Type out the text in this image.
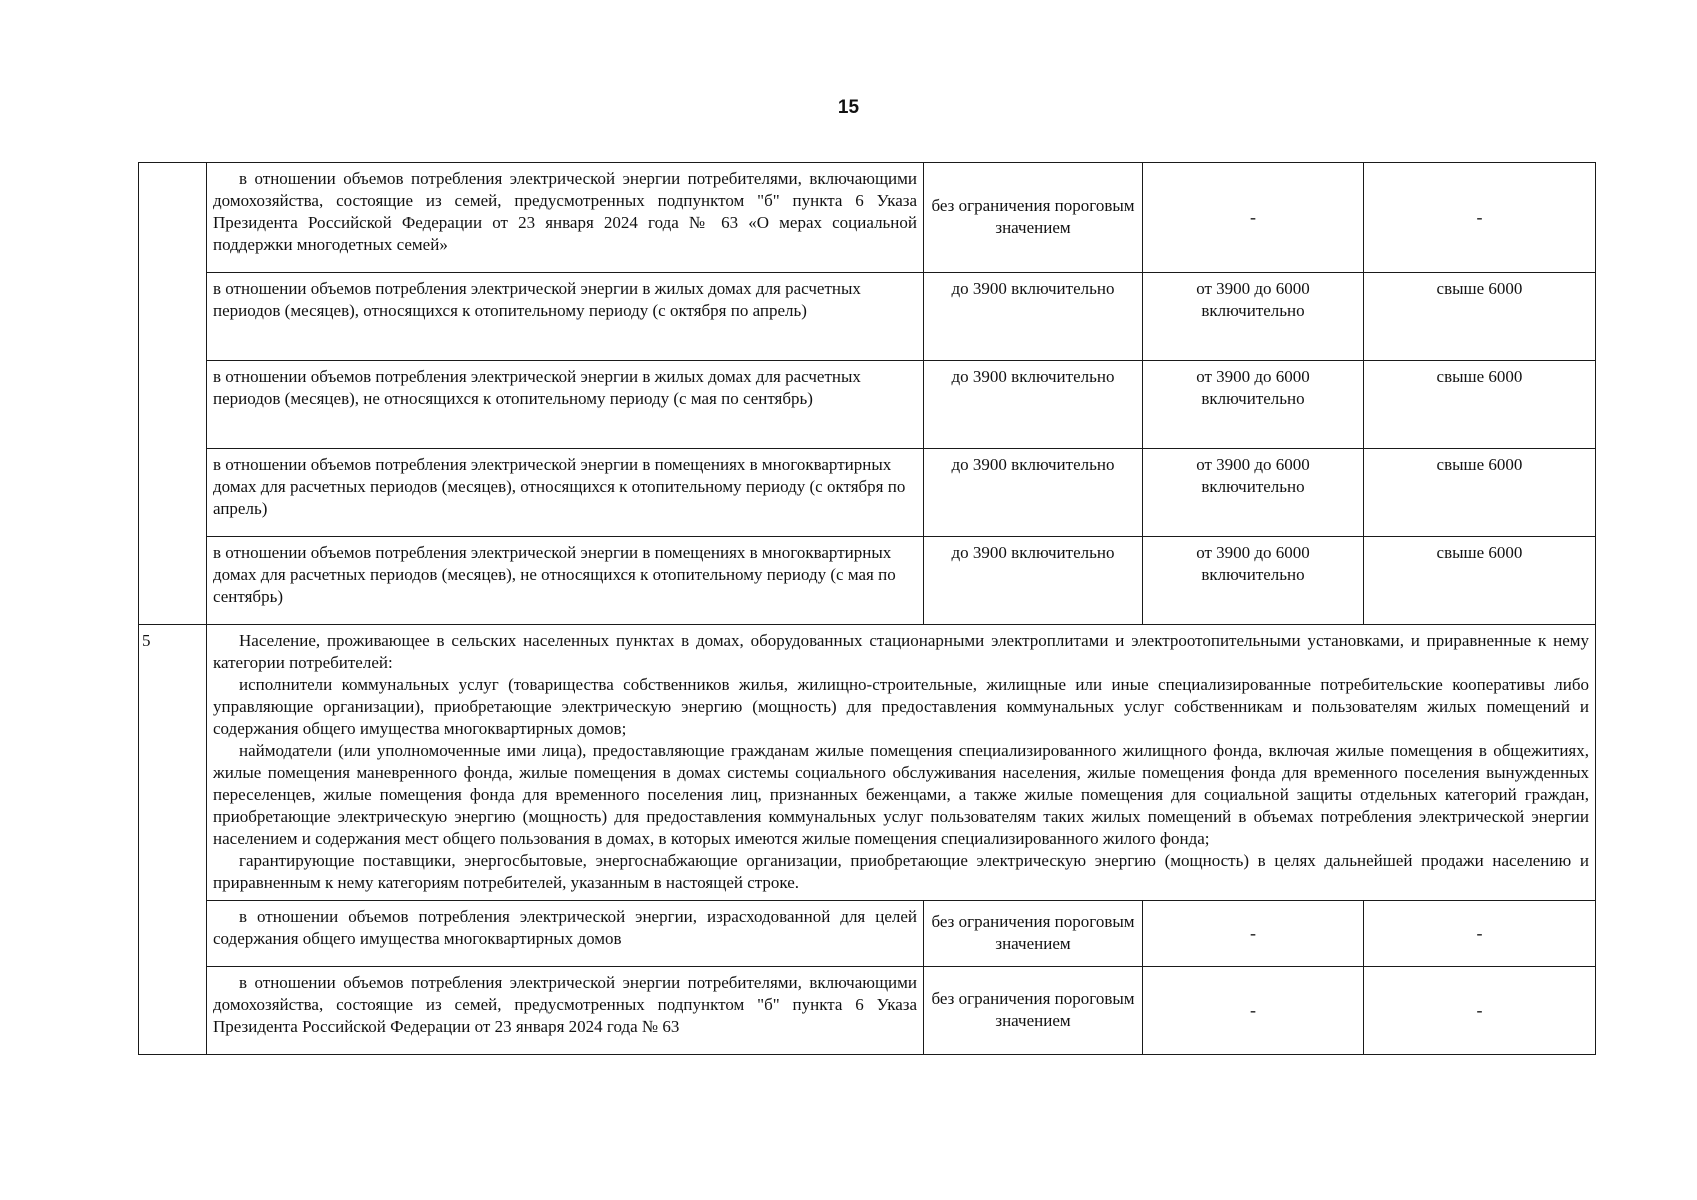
15
	в отношении объемов потребления электрической энергии потребителями, включающими домохозяйства, состоящие из семей, предусмотренных подпунктом "б" пункта 6 Указа Президента Российской Федерации от 23 января 2024 года № 63 «О мерах социальной поддержки многодетных семей»	без ограничения пороговым значением	-	-
	в отношении объемов потребления электрической энергии в жилых домах для расчетных периодов (месяцев), относящихся к отопительному периоду (с октября по апрель)	до 3900 включительно	от 3900 до 6000 включительно	свыше 6000
	в отношении объемов потребления электрической энергии в жилых домах для расчетных периодов (месяцев), не относящихся к отопительному периоду (с мая по сентябрь)	до 3900 включительно	от 3900 до 6000 включительно	свыше 6000
	в отношении объемов потребления электрической энергии в помещениях в многоквартирных домах для расчетных периодов (месяцев), относящихся к отопительному периоду (с октября по апрель)	до 3900 включительно	от 3900 до 6000 включительно	свыше 6000
	в отношении объемов потребления электрической энергии в помещениях в многоквартирных домах для расчетных периодов (месяцев), не относящихся к отопительному периоду (с мая по сентябрь)	до 3900 включительно	от 3900 до 6000 включительно	свыше 6000
5	Население, проживающее в сельских населенных пунктах в домах, оборудованных стационарными электроплитами и электроотопительными установками, и приравненные к нему категории потребителей:

исполнители коммунальных услуг (товарищества собственников жилья, жилищно-строительные, жилищные или иные специализированные потребительские кооперативы либо управляющие организации), приобретающие электрическую энергию (мощность) для предоставления коммунальных услуг собственникам и пользователям жилых помещений и содержания общего имущества многоквартирных домов;

наймодатели (или уполномоченные ими лица), предоставляющие гражданам жилые помещения специализированного жилищного фонда, включая жилые помещения в общежитиях, жилые помещения маневренного фонда, жилые помещения в домах системы социального обслуживания населения, жилые помещения фонда для временного поселения вынужденных переселенцев, жилые помещения фонда для временного поселения лиц, признанных беженцами, а также жилые помещения для социальной защиты отдельных категорий граждан, приобретающие электрическую энергию (мощность) для предоставления коммунальных услуг пользователям таких жилых помещений в объемах потребления электрической энергии населением и содержания мест общего пользования в домах, в которых имеются жилые помещения специализированного жилого фонда;

гарантирующие поставщики, энергосбытовые, энергоснабжающие организации, приобретающие электрическую энергию (мощность) в целях дальнейшей продажи населению и приравненным к нему категориям потребителей, указанным в настоящей строке.			

	в отношении объемов потребления электрической энергии, израсходованной для целей содержания общего имущества многоквартирных домов	без ограничения пороговым значением	-	-
	в отношении объемов потребления электрической энергии потребителями, включающими домохозяйства, состоящие из семей, предусмотренных подпунктом "б" пункта 6 Указа Президента Российской Федерации от 23 января 2024 года № 63	без ограничения пороговым значением	-	-
